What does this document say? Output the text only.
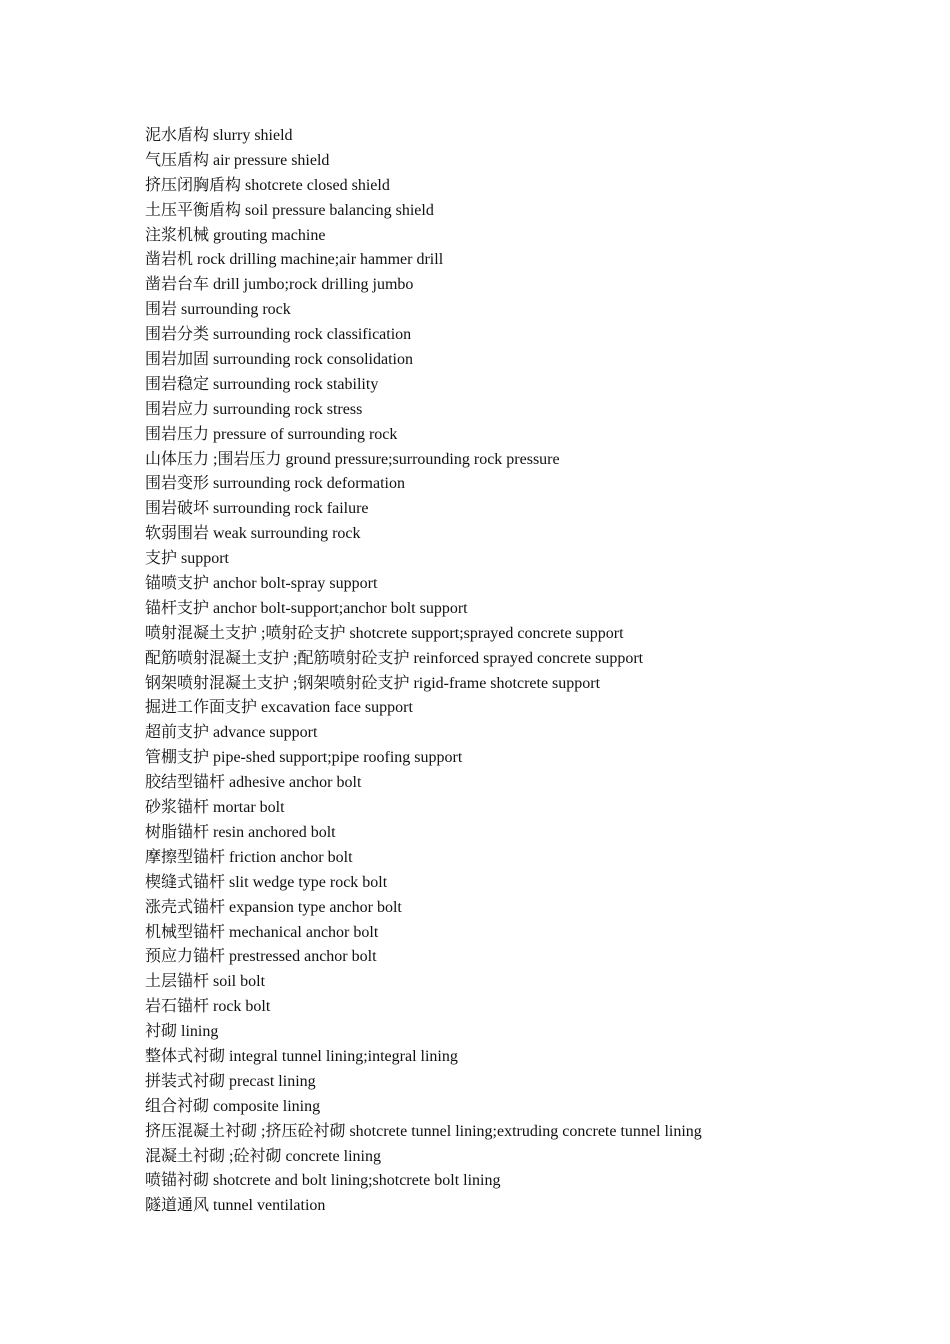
泥水盾构 slurry shield
气压盾构 air pressure shield
挤压闭胸盾构 shotcrete closed shield
土压平衡盾构 soil pressure balancing shield
注浆机械 grouting machine
凿岩机 rock drilling machine;air hammer drill
凿岩台车 drill jumbo;rock drilling jumbo
围岩 surrounding rock
围岩分类 surrounding rock classification
围岩加固 surrounding rock consolidation
围岩稳定 surrounding rock stability
围岩应力 surrounding rock stress
围岩压力 pressure of surrounding rock
山体压力 ;围岩压力 ground pressure;surrounding rock pressure
围岩变形 surrounding rock deformation
围岩破坏 surrounding rock failure
软弱围岩 weak surrounding rock
支护 support
锚喷支护 anchor bolt-spray support
锚杆支护 anchor bolt-support;anchor bolt support
喷射混凝土支护 ;喷射砼支护 shotcrete support;sprayed concrete support
配筋喷射混凝土支护 ;配筋喷射砼支护 reinforced sprayed concrete support
钢架喷射混凝土支护 ;钢架喷射砼支护 rigid-frame shotcrete support
掘进工作面支护 excavation face support
超前支护 advance support
管棚支护 pipe-shed support;pipe roofing support
胶结型锚杆 adhesive anchor bolt
砂浆锚杆 mortar bolt
树脂锚杆 resin anchored bolt
摩擦型锚杆 friction anchor bolt
楔缝式锚杆 slit wedge type rock bolt
涨壳式锚杆 expansion type anchor bolt
机械型锚杆 mechanical anchor bolt
预应力锚杆 prestressed anchor bolt
土层锚杆 soil bolt
岩石锚杆 rock bolt
衬砌 lining
整体式衬砌 integral tunnel lining;integral lining
拼装式衬砌 precast lining
组合衬砌 composite lining
挤压混凝土衬砌 ;挤压砼衬砌 shotcrete tunnel lining;extruding concrete tunnel lining
混凝土衬砌 ;砼衬砌 concrete lining
喷锚衬砌 shotcrete and bolt lining;shotcrete bolt lining
隧道通风 tunnel ventilation
